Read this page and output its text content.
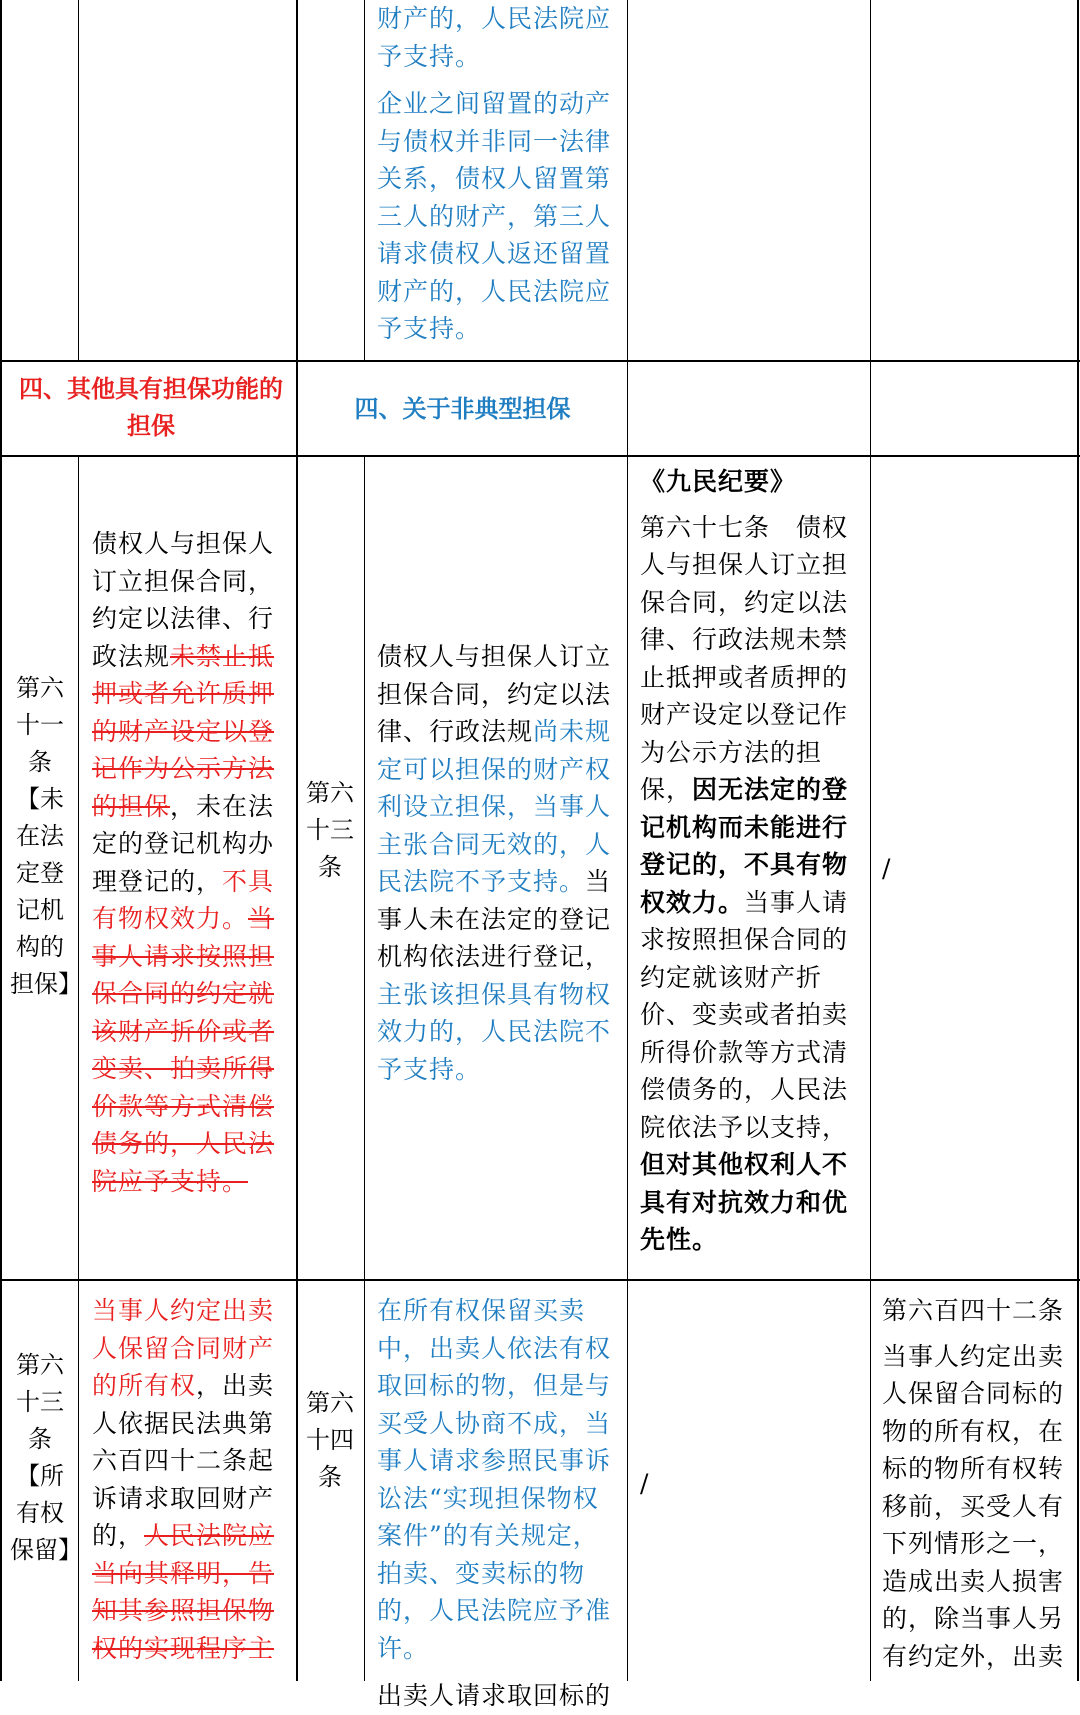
财产的，人民法院应予支持。

企业之间留置的动产与债权并非同一法律关系，债权人留置第三人的财产，第三人请求债权人返还留置财产的，人民法院应予支持。

四、其他具有担保功能的担保
四、关于非典型担保
第六十一条【未在法定登记机构的担保】
债权人与担保人订立担保合同，约定以法律、行政法规未禁止抵押或者允许质押的财产设定以登记作为公示方法的担保，未在法定的登记机构办理登记的，不具有物权效力。当事人请求按照担保合同的约定就该财产折价或者变卖、拍卖所得价款等方式清偿债务的，人民法院应予支持。
第六十三条
债权人与担保人订立担保合同，约定以法律、行政法规尚未规定可以担保的财产权利设立担保，当事人主张合同无效的，人民法院不予支持。当事人未在法定的登记机构依法进行登记，主张该担保具有物权效力的，人民法院不予支持。

《九民纪要》

第六十七条　债权人与担保人订立担保合同，约定以法律、行政法规未禁止抵押或者质押的财产设定以登记作为公示方法的担保，因无法定的登记机构而未能进行登记的，不具有物权效力。当事人请求按照担保合同的约定就该财产折价、变卖或者拍卖所得价款等方式清偿债务的，人民法院依法予以支持，但对其他权利人不具有对抗效力和优先性。

/
第六十三条【所有权保留】
当事人约定出卖人保留合同财产的所有权，出卖人依据民法典第六百四十二条起诉请求取回财产的，人民法院应当向其释明，告知其参照担保物权的实现程序主
第六十四条

在所有权保留买卖中，出卖人依法有权取回标的物，但是与买受人协商不成，当事人请求参照民事诉讼法“实现担保物权案件”的有关规定，拍卖、变卖标的物的，人民法院应予准许。

出卖人请求取回标的

/

第六百四十二条

当事人约定出卖人保留合同标的物的所有权，在标的物所有权转移前，买受人有下列情形之一，造成出卖人损害的，除当事人另有约定外，出卖
